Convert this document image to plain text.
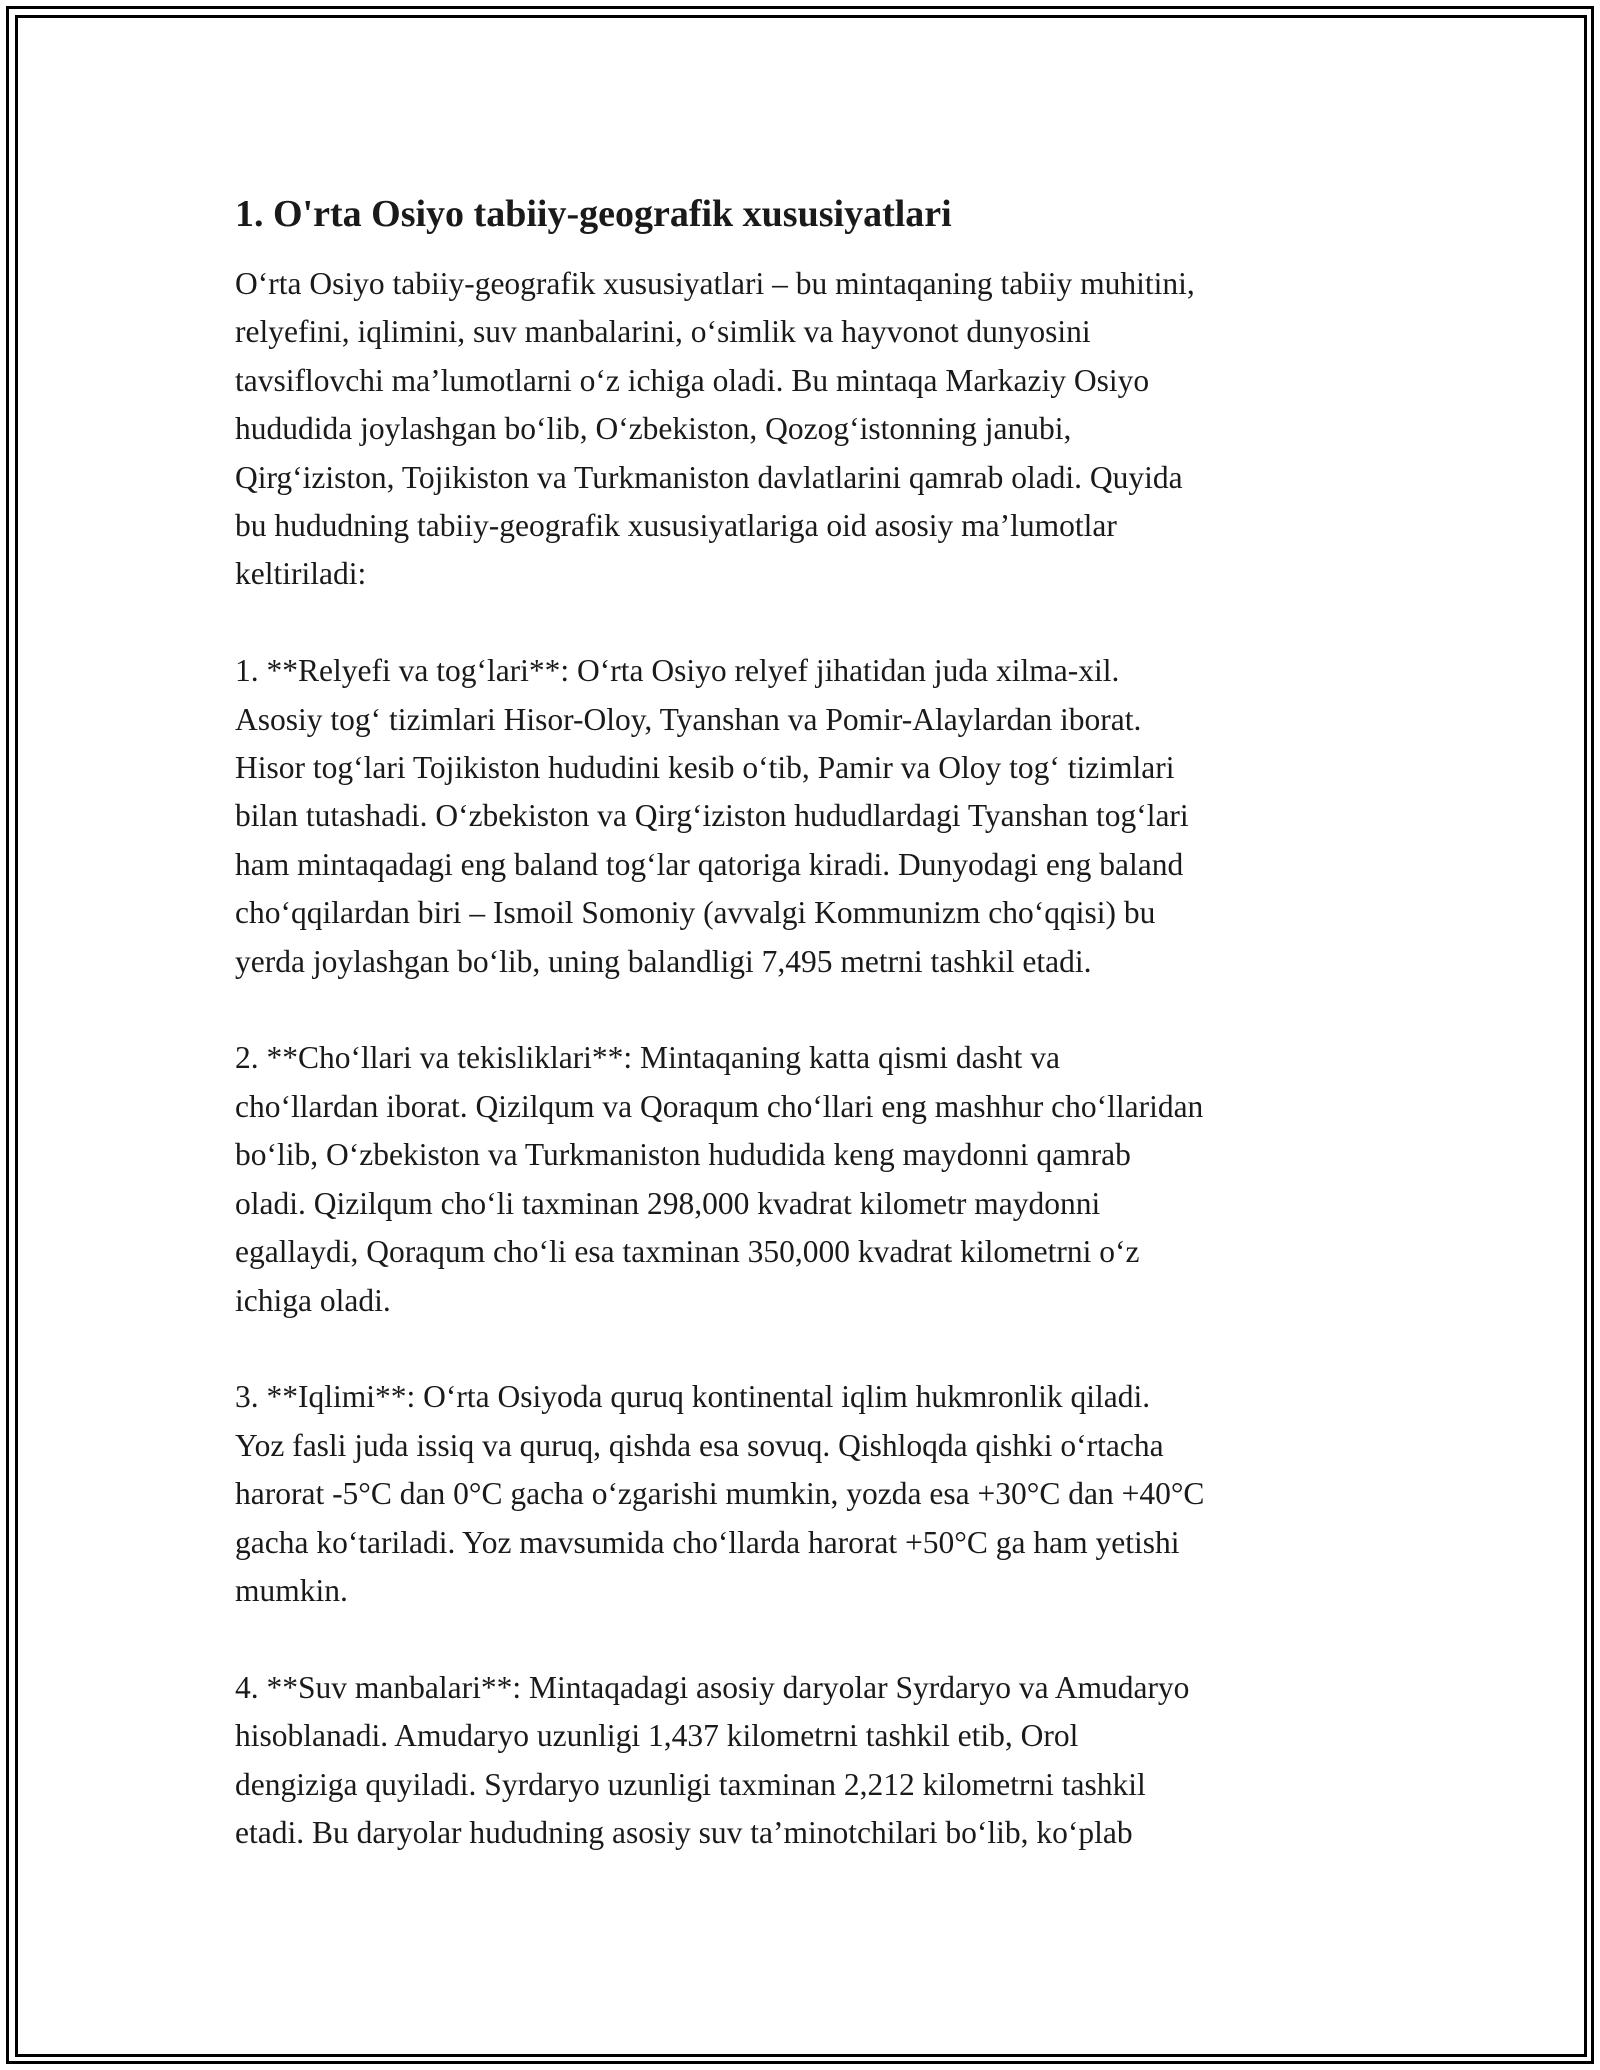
1. O'rta Osiyo tabiiy-geografik xususiyatlari

O‘rta Osiyo tabiiy-geografik xususiyatlari – bu mintaqaning tabiiy muhitini,
relyefini, iqlimini, suv manbalarini, o‘simlik va hayvonot dunyosini
tavsiflovchi ma’lumotlarni o‘z ichiga oladi. Bu mintaqa Markaziy Osiyo
hududida joylashgan bo‘lib, O‘zbekiston, Qozog‘istonning janubi,
Qirg‘iziston, Tojikiston va Turkmaniston davlatlarini qamrab oladi. Quyida
bu hududning tabiiy-geografik xususiyatlariga oid asosiy ma’lumotlar
keltiriladi:

1. **Relyefi va tog‘lari**: O‘rta Osiyo relyef jihatidan juda xilma-xil.
Asosiy tog‘ tizimlari Hisor-Oloy, Tyanshan va Pomir-Alaylardan iborat.
Hisor tog‘lari Tojikiston hududini kesib o‘tib, Pamir va Oloy tog‘ tizimlari
bilan tutashadi. O‘zbekiston va Qirg‘iziston hududlardagi Tyanshan tog‘lari
ham mintaqadagi eng baland tog‘lar qatoriga kiradi. Dunyodagi eng baland
cho‘qqilardan biri – Ismoil Somoniy (avvalgi Kommunizm cho‘qqisi) bu
yerda joylashgan bo‘lib, uning balandligi 7,495 metrni tashkil etadi.

2. **Cho‘llari va tekisliklari**: Mintaqaning katta qismi dasht va
cho‘llardan iborat. Qizilqum va Qoraqum cho‘llari eng mashhur cho‘llaridan
bo‘lib, O‘zbekiston va Turkmaniston hududida keng maydonni qamrab
oladi. Qizilqum cho‘li taxminan 298,000 kvadrat kilometr maydonni
egallaydi, Qoraqum cho‘li esa taxminan 350,000 kvadrat kilometrni o‘z
ichiga oladi.

3. **Iqlimi**: O‘rta Osiyoda quruq kontinental iqlim hukmronlik qiladi.
Yoz fasli juda issiq va quruq, qishda esa sovuq. Qishloqda qishki o‘rtacha
harorat -5°C dan 0°C gacha o‘zgarishi mumkin, yozda esa +30°C dan +40°C
gacha ko‘tariladi. Yoz mavsumida cho‘llarda harorat +50°C ga ham yetishi
mumkin.

4. **Suv manbalari**: Mintaqadagi asosiy daryolar Syrdaryo va Amudaryo
hisoblanadi. Amudaryo uzunligi 1,437 kilometrni tashkil etib, Orol
dengiziga quyiladi. Syrdaryo uzunligi taxminan 2,212 kilometrni tashkil
etadi. Bu daryolar hududning asosiy suv ta’minotchilari bo‘lib, ko‘plab
